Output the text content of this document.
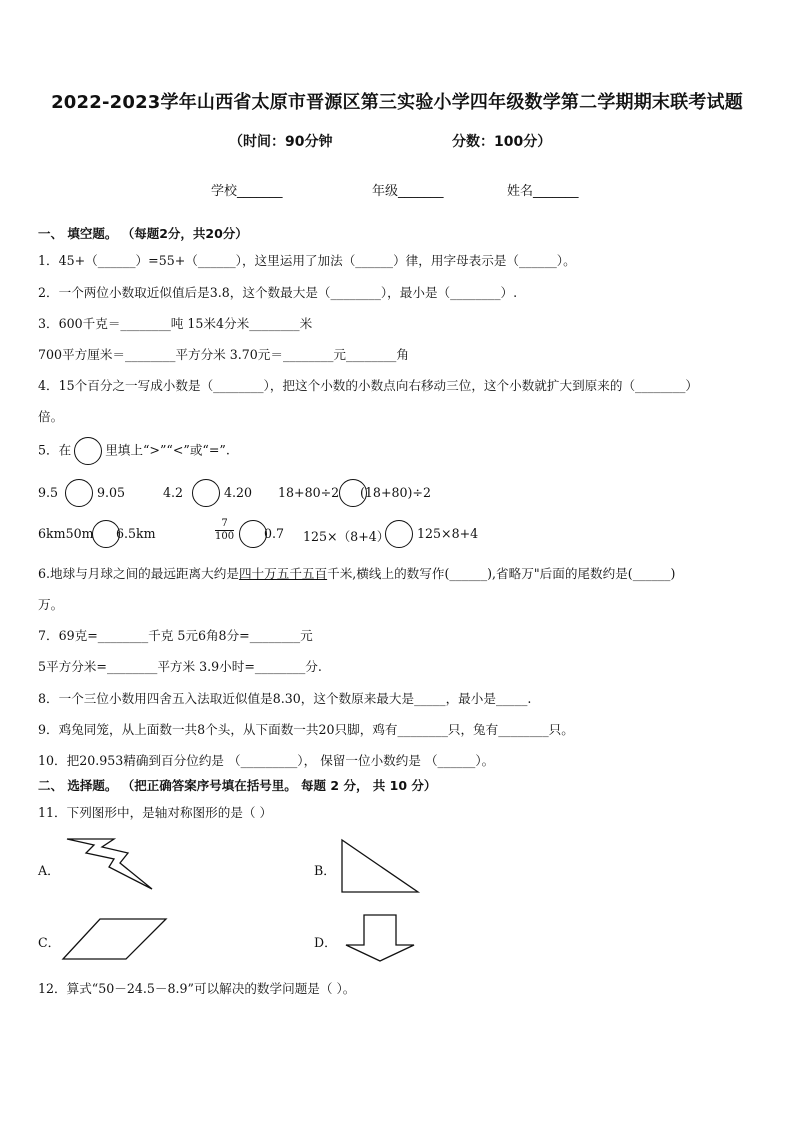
2022-2023学年山西省太原市晋源区第三实验小学四年级数学第二学期期末联考试题
（时间：90分钟	分数：100分）
学校_______	年级_______	姓名_______
一、 填空题。 （每题2分，共20分）
1．45+（______）=55+（______），这里运用了加法（______）律，用字母表示是（______）。
2．一个两位小数取近似值后是3.8，这个数最大是（________），最小是（________）.
3．600千克＝________吨 15米4分米________米
700平方厘米＝________平方分米 3.70元＝________元________角
4．15个百分之一写成小数是（________），把这个小数的小数点向右移动三位，这个小数就扩大到原来的（________）
倍。
5．在	里填上“>”“<”或“=”.
9.5	9.05	4.2	4.20 18+80÷2 (18+80)÷2
6km50m 6.5km	$\frac{7}{100} 0.7$ 125×（8+4） 125×8+4
6.地球与月球之间的最远距离大约是四十万五千五百千米,横线上的数写作(______),省略万"后面的尾数约是(______)
万。
7．69克=________千克 5元6角8分=________元
5平方分米=________平方米 3.9小时=________分.
8．一个三位小数用四舍五入法取近似值是8.30，这个数原来最大是_____，最小是_____.
9．鸡兔同笼，从上面数一共8个头，从下面数一共20只脚，鸡有________只，兔有________只。
10．把20.953精确到百分位约是 （_________）， 保留一位小数约是 （______）。
二、 选择题。 （把正确答案序号填在括号里。 每题 2 分， 共 10 分）
11．下列图形中，是轴对称图形的是（ ）
A．	B．
C．	D．
12．算式“50－24.5－8.9”可以解决的数学问题是（ ）。
